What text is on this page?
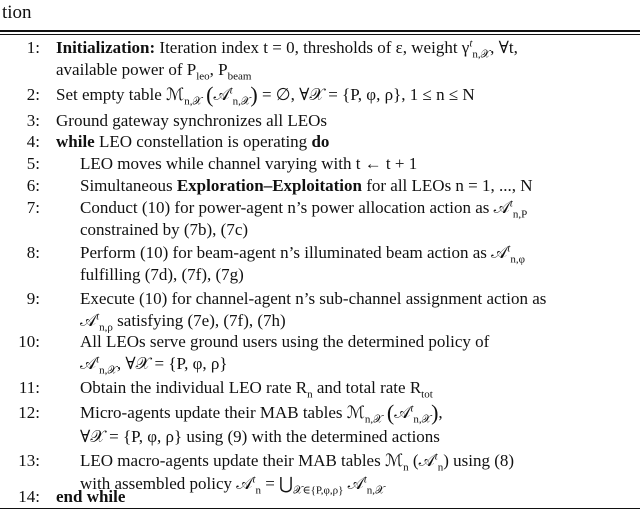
tion
1: Initialization: Iteration index t = 0, thresholds of ε, weight $\gamma^t_{n,𝒳}$, ∀t,
available power of $P_{leo}$, $P_{beam}$
2: Set empty table ℳ$_{n,𝒳}$ (𝒜$^t_{n,𝒳}$) = ∅, ∀𝒳 = {P, φ, ρ}, 1 ≤ n ≤ N
3: Ground gateway synchronizes all LEOs
4: while LEO constellation is operating do
5: LEO moves while channel varying with t ← t + 1
6: Simultaneous Exploration–Exploitation for all LEOs n = 1, ..., N
7: Conduct (10) for power-agent n’s power allocation action as 𝒜$^t_{n,P}$
constrained by (7b), (7c)
8: Perform (10) for beam-agent n’s illuminated beam action as 𝒜$^t_{n,\varphi}$
fulfilling (7d), (7f), (7g)
9: Execute (10) for channel-agent n’s sub-channel assignment action as
𝒜$^t_{n,\rho}$ satisfying (7e), (7f), (7h)
10: All LEOs serve ground users using the determined policy of
𝒜$^t_{n,𝒳}$, ∀𝒳 = {P, φ, ρ}
11: Obtain the individual LEO rate $R_n$ and total rate $R_{tot}$
12: Micro-agents update their MAB tables ℳ$_{n,𝒳}$ (𝒜$^t_{n,𝒳}$),
∀𝒳 = {P, φ, ρ} using (9) with the determined actions
13: LEO macro-agents update their MAB tables ℳ$_n$ (𝒜$^t_n$) using (8)
with assembled policy 𝒜$^t_n$ = $⋃_{𝒳\in\{P,\varphi,\rho\}}$ 𝒜$^t_{n,𝒳}$
14: end while
